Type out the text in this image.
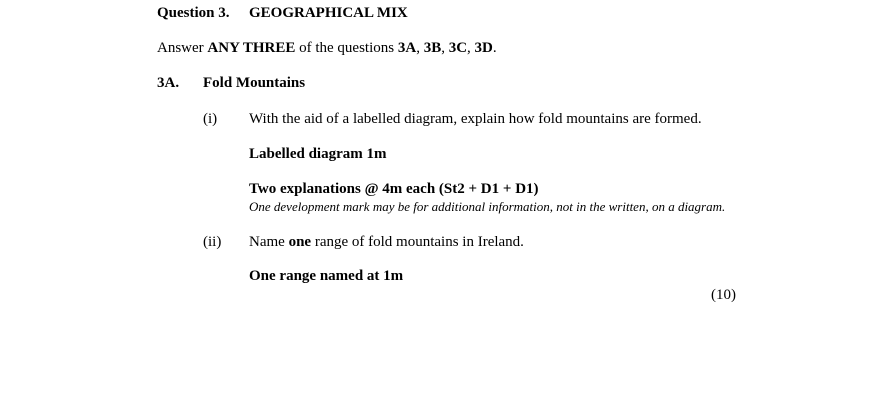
Question 3. GEOGRAPHICAL MIX
Answer ANY THREE of the questions 3A, 3B, 3C, 3D.
3A. Fold Mountains
(i) With the aid of a labelled diagram, explain how fold mountains are formed.
Labelled diagram 1m
Two explanations @ 4m each (St2 + D1 + D1)
One development mark may be for additional information, not in the written, on a diagram.
(ii) Name one range of fold mountains in Ireland.
One range named at 1m
(10)
